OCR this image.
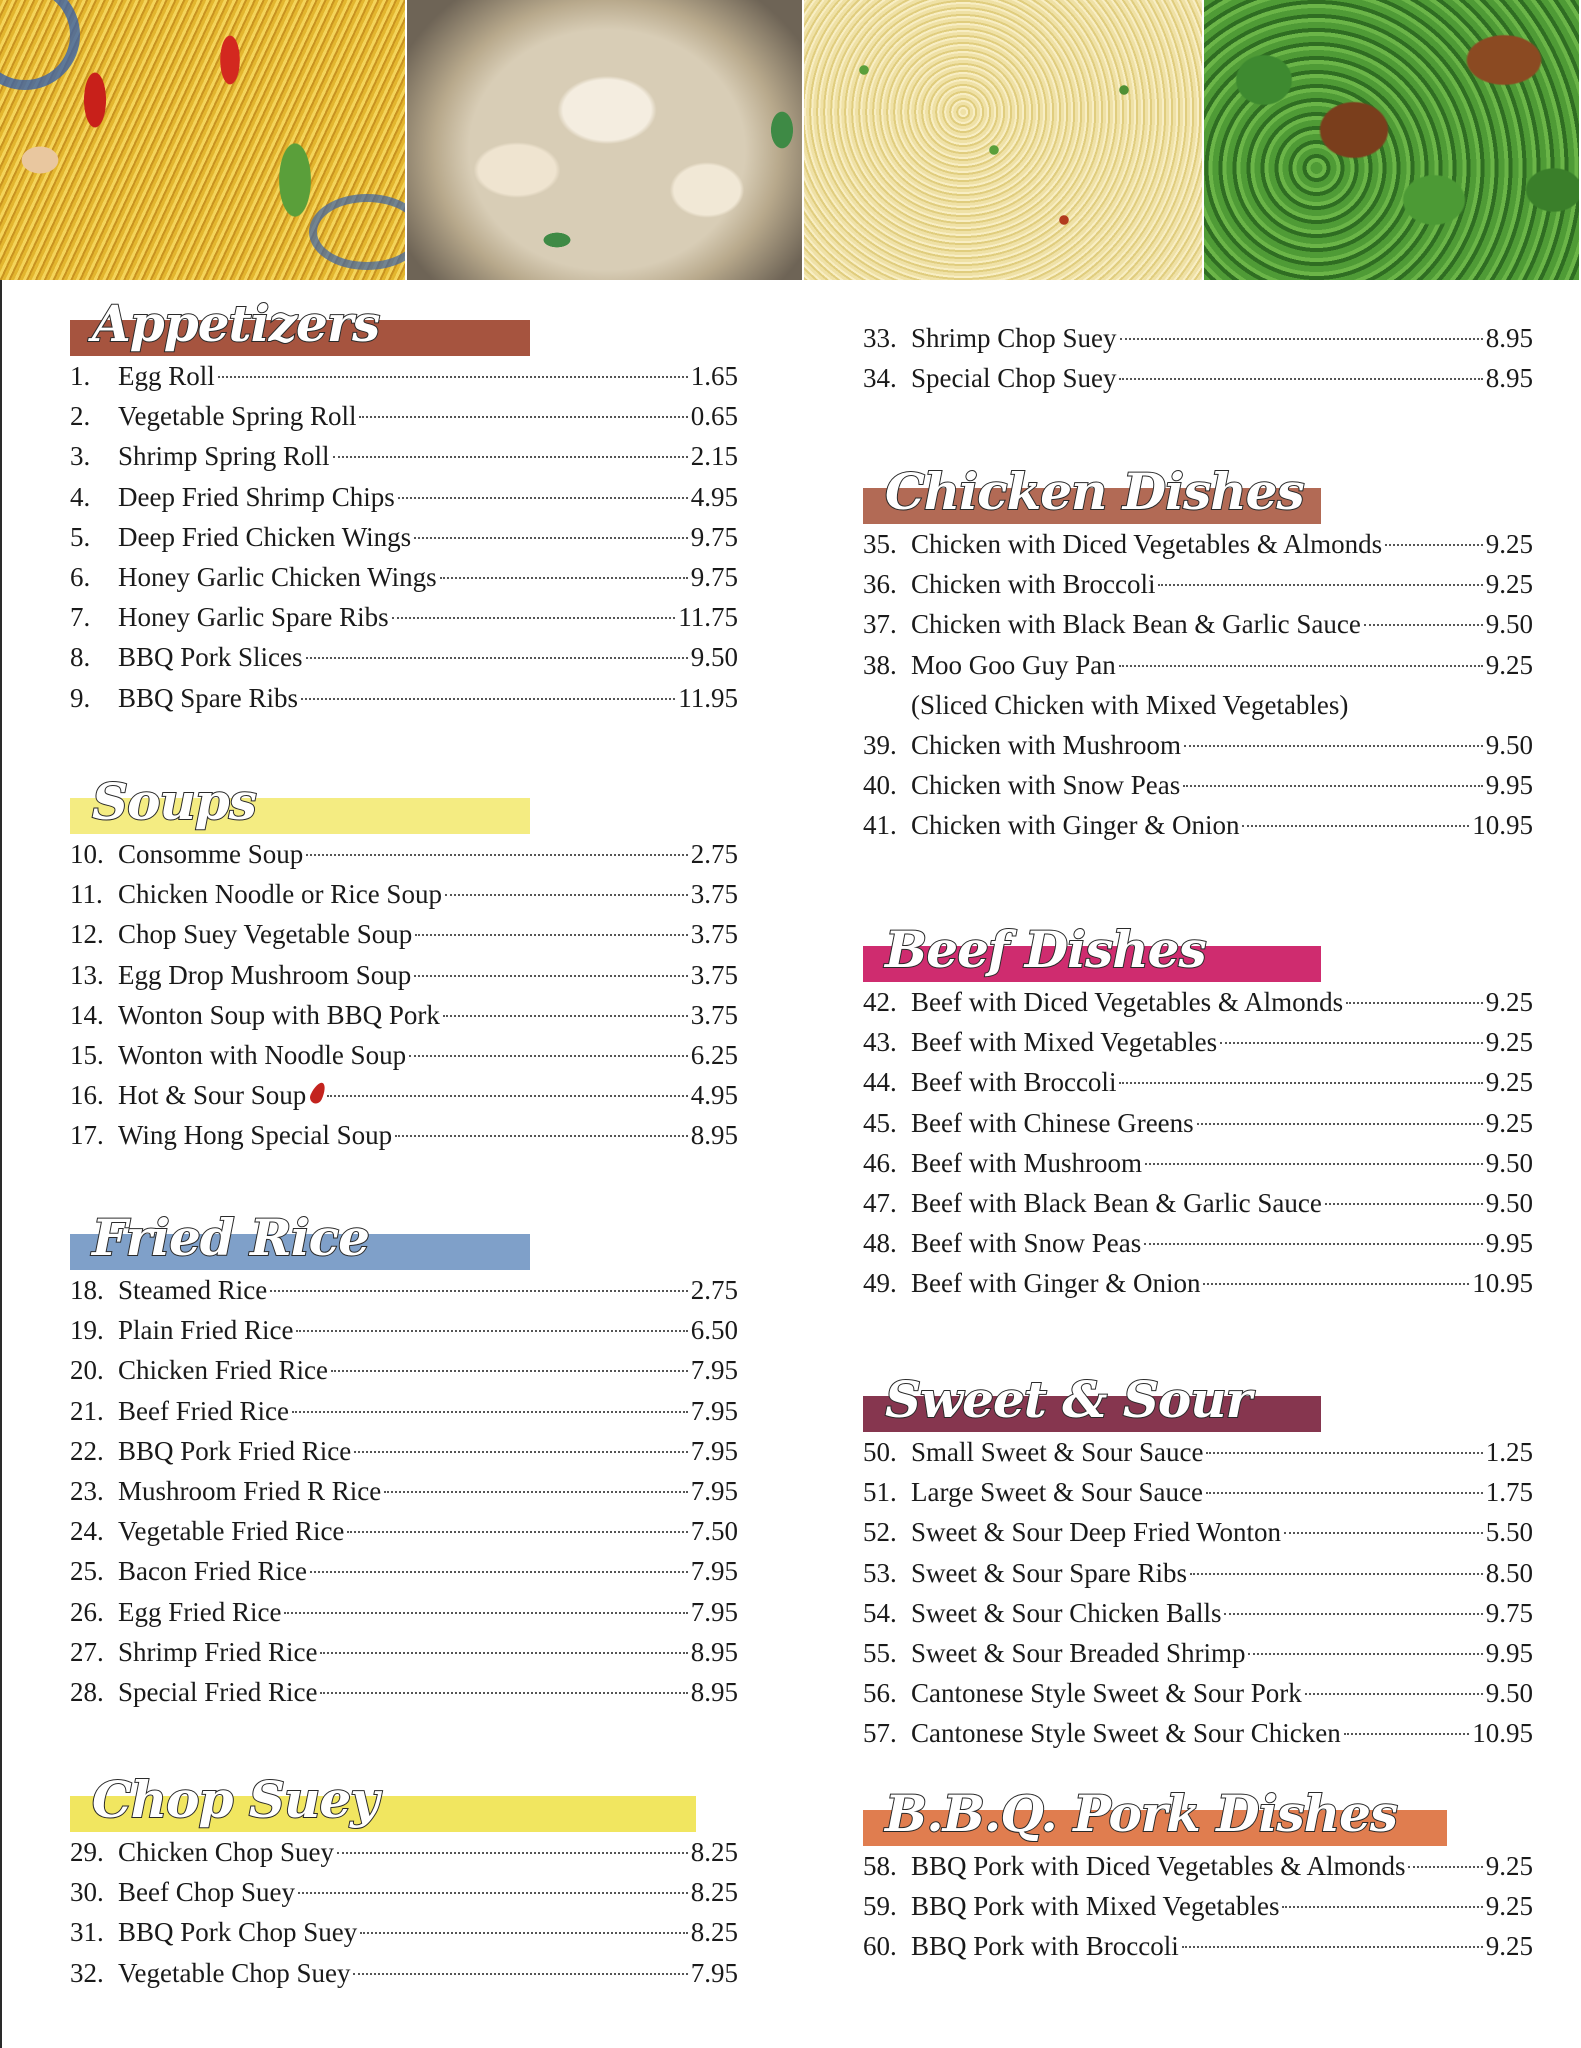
Appetizers
1.	Egg Roll	1.65
2.	Vegetable Spring Roll	0.65
3.	Shrimp Spring Roll	2.15
4.	Deep Fried Shrimp Chips	4.95
5.	Deep Fried Chicken Wings	9.75
6.	Honey Garlic Chicken Wings	9.75
7.	Honey Garlic Spare Ribs	11.75
8.	BBQ Pork Slices	9.50
9.	BBQ Spare Ribs	11.95
Soups
10. Consomme Soup	2.75
11. Chicken Noodle or Rice Soup	3.75
12. Chop Suey Vegetable Soup	3.75
13. Egg Drop Mushroom Soup	3.75
14. Wonton Soup with BBQ Pork	3.75
15. Wonton with Noodle Soup	6.25
16. Hot & Sour Soup	4.95
17. Wing Hong Special Soup	8.95
Fried Rice
18. Steamed Rice	2.75
19. Plain Fried Rice	6.50
20. Chicken Fried Rice	7.95
21. Beef Fried Rice	7.95
22. BBQ Pork Fried Rice	7.95
23. Mushroom Fried R Rice	7.95
24. Vegetable Fried Rice	7.50
25. Bacon Fried Rice	7.95
26. Egg Fried Rice	7.95
27. Shrimp Fried Rice	8.95
28. Special Fried Rice	8.95
Chop Suey
29. Chicken Chop Suey	8.25
30. Beef Chop Suey	8.25
31. BBQ Pork Chop Suey	8.25
32. Vegetable Chop Suey	7.95
33. Shrimp Chop Suey	8.95
34. Special Chop Suey	8.95
Chicken Dishes
35. Chicken with Diced Vegetables & Almonds	9.25
36. Chicken with Broccoli	9.25
37. Chicken with Black Bean & Garlic Sauce	9.50
38. Moo Goo Guy Pan	9.25
(Sliced Chicken with Mixed Vegetables)
39. Chicken with Mushroom	9.50
40. Chicken with Snow Peas	9.95
41. Chicken with Ginger & Onion	10.95
Beef Dishes
42. Beef with Diced Vegetables & Almonds	9.25
43. Beef with Mixed Vegetables	9.25
44. Beef with Broccoli	9.25
45. Beef with Chinese Greens	9.25
46. Beef with Mushroom	9.50
47. Beef with Black Bean & Garlic Sauce	9.50
48. Beef with Snow Peas	9.95
49. Beef with Ginger & Onion	10.95
Sweet & Sour
50. Small Sweet & Sour Sauce	1.25
51. Large Sweet & Sour Sauce	1.75
52. Sweet & Sour Deep Fried Wonton	5.50
53. Sweet & Sour Spare Ribs	8.50
54. Sweet & Sour Chicken Balls	9.75
55. Sweet & Sour Breaded Shrimp	9.95
56. Cantonese Style Sweet & Sour Pork	9.50
57. Cantonese Style Sweet & Sour Chicken	10.95
B.B.Q. Pork Dishes
58. BBQ Pork with Diced Vegetables & Almonds	9.25
59. BBQ Pork with Mixed Vegetables	9.25
60. BBQ Pork with Broccoli	9.25
